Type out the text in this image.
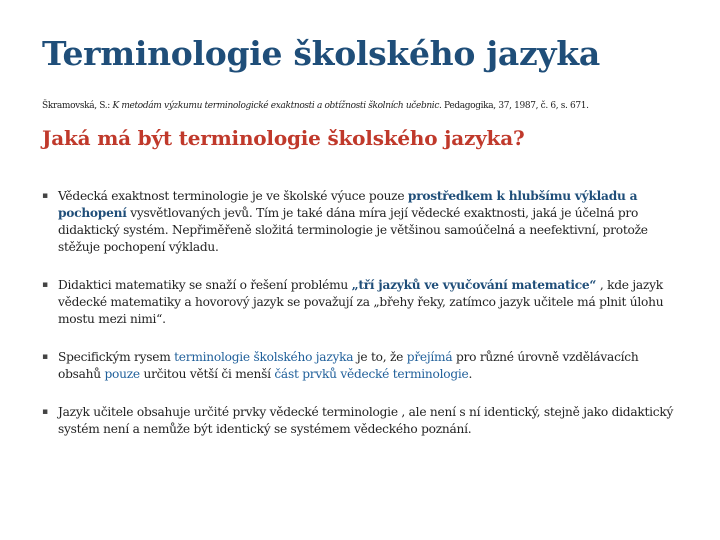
Terminologie školského jazyka
Škramovská, S.: K metodám výzkumu terminologické exaktnosti a obtížnosti školních učebnic. Pedagogika, 37, 1987, č. 6, s. 671.
Jaká má být terminologie školského jazyka?
▪ Vědecká exaktnost terminologie je ve školské výuce pouze prostředkem k hlubšímu výkladu a pochopení vysvětlovaných jevů. Tím je také dána míra její vědecké exaktnosti, jaká je účelná pro didaktický systém. Nepřiměřeně složitá terminologie je většinou samoúčelná a neefektivní, protože stěžuje pochopení výkladu.
▪ Didaktici matematiky se snaží o řešení problému „tří jazyků ve vyučování matematice“ , kde jazyk vědecké matematiky a hovorový jazyk se považují za „břehy řeky, zatímco jazyk učitele má plnit úlohu mostu mezi nimi“.
▪ Specifickým rysem terminologie školského jazyka je to, že přejímá pro různé úrovně vzdělávacích obsahů pouze určitou větší či menší část prvků vědecké terminologie.
▪ Jazyk učitele obsahuje určité prvky vědecké terminologie , ale není s ní identický, stejně jako didaktický systém není a nemůže být identický se systémem vědeckého poznání.
